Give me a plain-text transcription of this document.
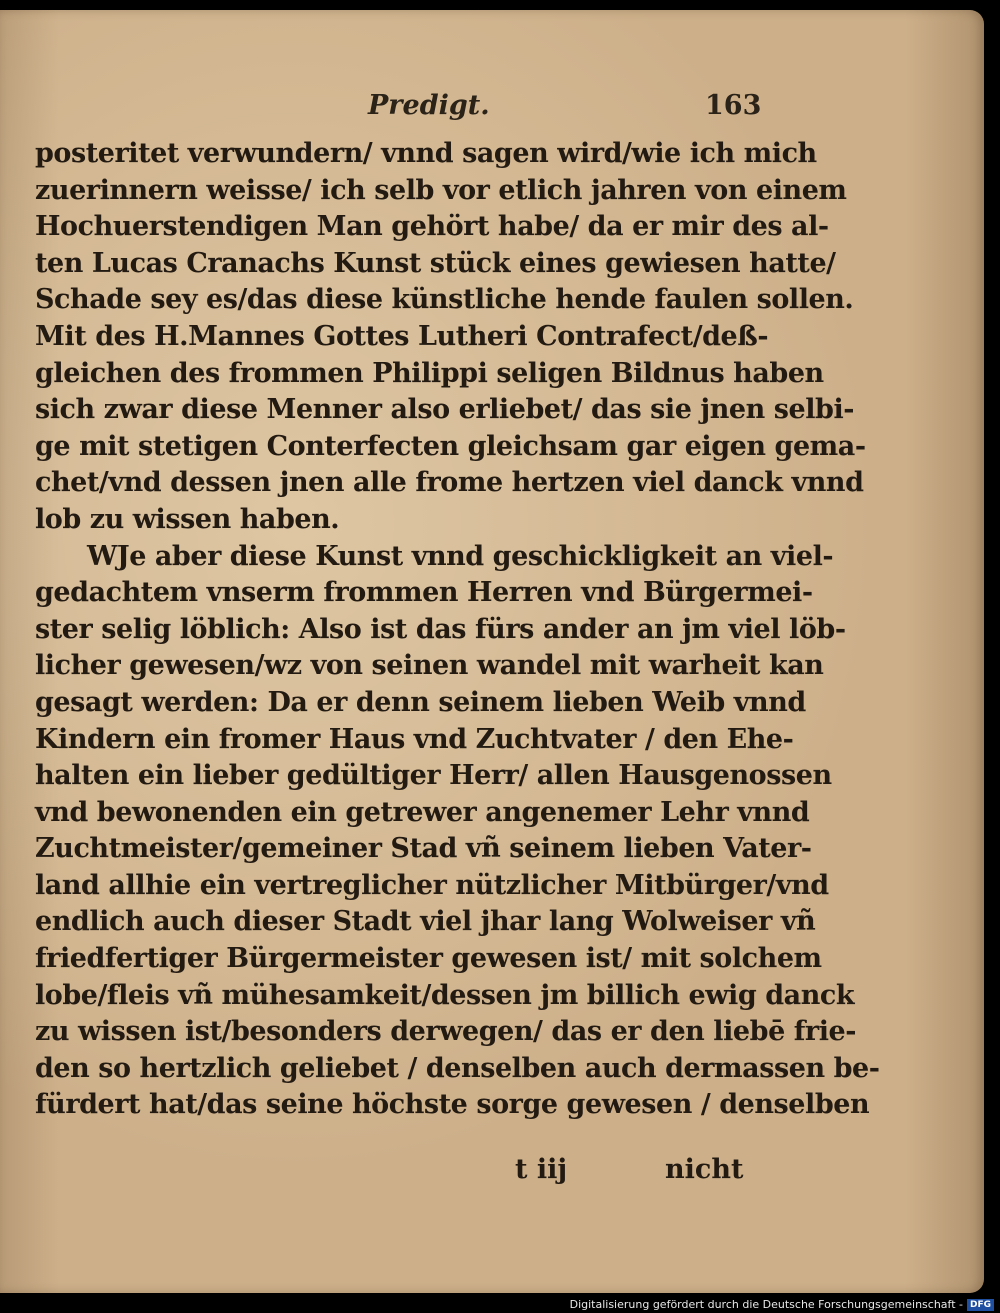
Predigt.	163
posteritet verwundern/ vnnd sagen wird/wie ich mich
zuerinnern weisse/ ich selb vor etlich jahren von einem
Hochuerstendigen Man gehört habe/ da er mir des al-
ten Lucas Cranachs Kunst stück eines gewiesen hatte/
Schade sey es/das diese künstliche hende faulen sollen.
Mit des H.Mannes Gottes Lutheri Contrafect/deß-
gleichen des frommen Philippi seligen Bildnus haben
sich zwar diese Menner also erliebet/ das sie jnen selbi-
ge mit stetigen Conterfecten gleichsam gar eigen gema-
chet/vnd dessen jnen alle frome hertzen viel danck vnnd
lob zu wissen haben.
WJe aber diese Kunst vnnd geschickligkeit an viel-
gedachtem vnserm frommen Herren vnd Bürgermei-
ster selig löblich: Also ist das fürs ander an jm viel löb-
licher gewesen/wz von seinen wandel mit warheit kan
gesagt werden: Da er denn seinem lieben Weib vnnd
Kindern ein fromer Haus vnd Zuchtvater / den Ehe-
halten ein lieber gedültiger Herr/ allen Hausgenossen
vnd bewonenden ein getrewer angenemer Lehr vnnd
Zuchtmeister/gemeiner Stad vñ seinem lieben Vater-
land allhie ein vertreglicher nützlicher Mitbürger/vnd
endlich auch dieser Stadt viel jhar lang Wolweiser vñ
friedfertiger Bürgermeister gewesen ist/ mit solchem
lobe/fleis vñ mühesamkeit/dessen jm billich ewig danck
zu wissen ist/besonders derwegen/ das er den liebē frie-
den so hertzlich geliebet / denselben auch dermassen be-
fürdert hat/das seine höchste sorge gewesen / denselben
t iij	nicht
Digitalisierung gefördert durch die Deutsche Forschungsgemeinschaft - DFG
